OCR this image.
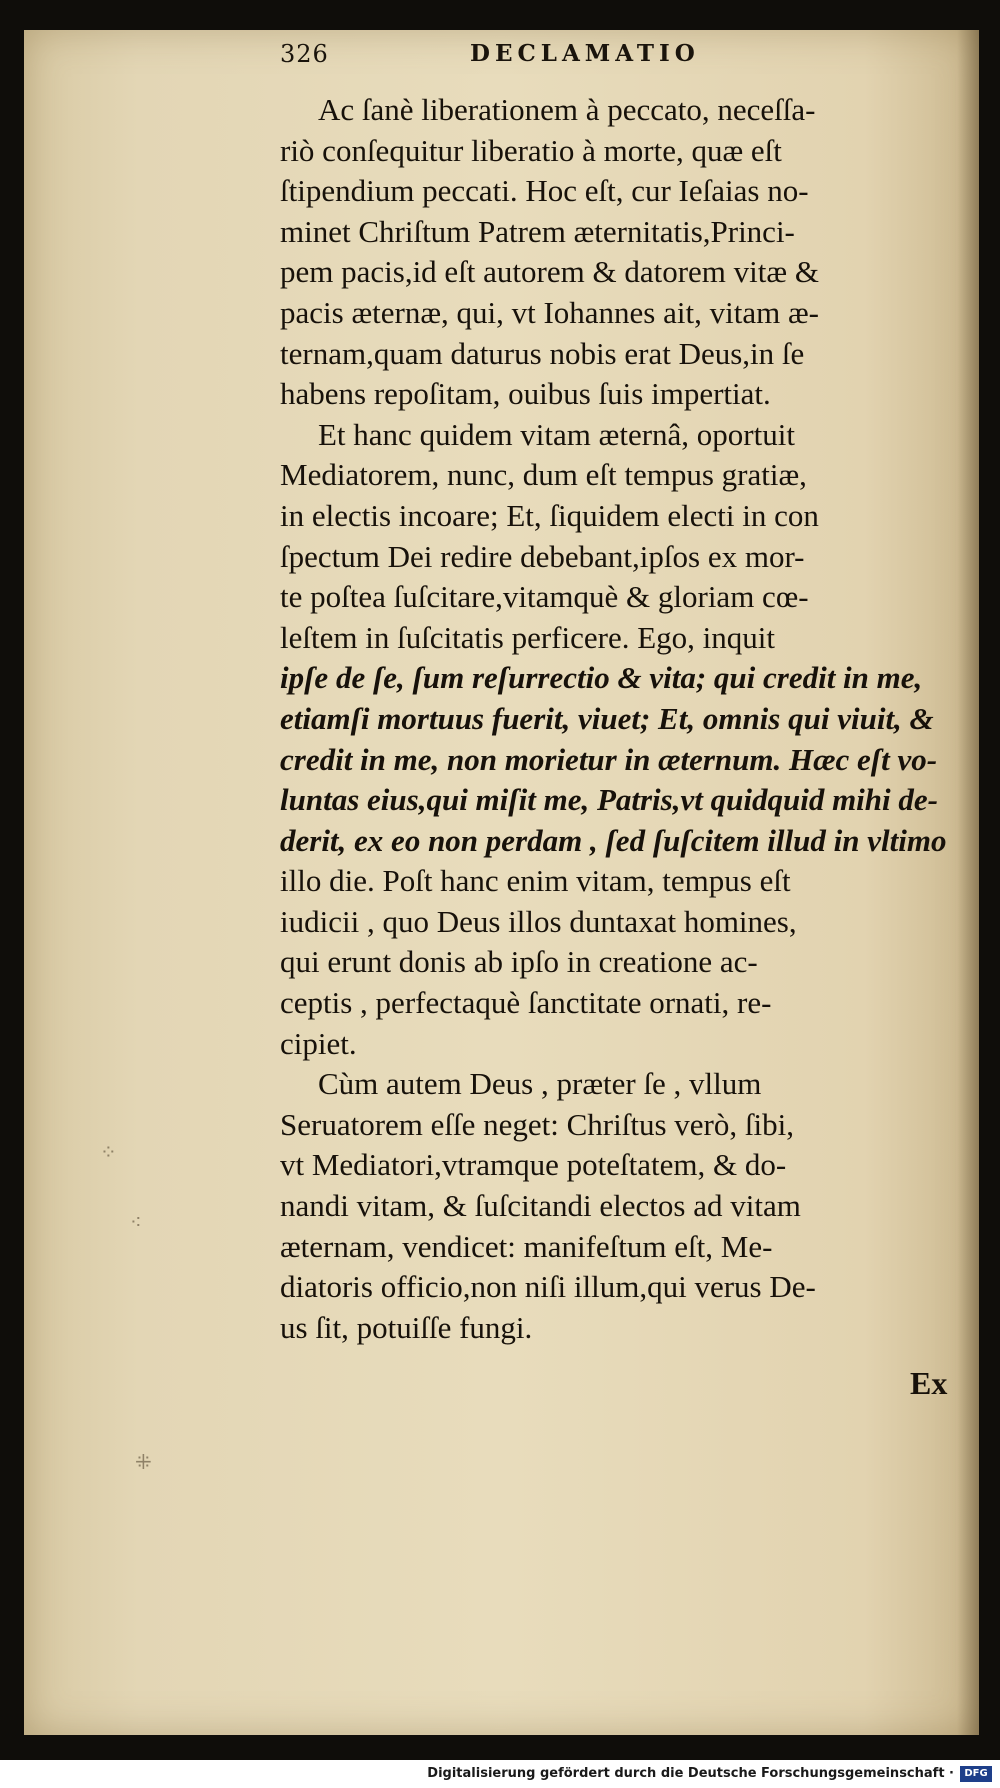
326	DECLAMATIO

Ac ſanè liberationem à peccato, neceſſa-
riò conſequitur liberatio à morte, quæ eſt
ſtipendium peccati. Hoc eſt, cur Ieſaias no-
minet Chriſtum Patrem æternitatis,Princi-
pem pacis,id eſt autorem & datorem vitæ &
pacis æternæ, qui, vt Iohannes ait, vitam æ-
ternam,quam daturus nobis erat Deus,in ſe
habens repoſitam, ouibus ſuis impertiat.

Et hanc quidem vitam æternâ, oportuit
Mediatorem, nunc, dum eſt tempus gratiæ,
in electis incoare; Et, ſiquidem electi in con
ſpectum Dei redire debebant,ipſos ex mor-
te poſtea ſuſcitare,vitamquè & gloriam cœ-
leſtem in ſuſcitatis perficere. Ego, inquit
ipſe de ſe, ſum reſurrectio & vita; qui credit in me,
etiamſi mortuus fuerit, viuet; Et, omnis qui viuit, &
credit in me, non morietur in æternum. Hæc eſt vo-
luntas eius,qui miſit me, Patris,vt quidquid mihi de-
derit, ex eo non perdam , ſed ſuſcitem illud in vltimo
illo die. Poſt hanc enim vitam, tempus eſt
iudicii , quo Deus illos duntaxat homines,
qui erunt donis ab ipſo in creatione ac-
ceptis , perfectaquè ſanctitate ornati, re-
cipiet.

Cùm autem Deus , præter ſe , vllum
Seruatorem eſſe neget: Chriſtus verò, ſibi,
vt Mediatori,vtramque poteſtatem, & do-
nandi vitam, & ſuſcitandi electos ad vitam
æternam, vendicet: manifeſtum eſt, Me-
diatoris officio,non niſi illum,qui verus De-
us ſit, potuiſſe fungi.

Ex
⁘
⁖
⁜
Digitalisierung gefördert durch die Deutsche Forschungsgemeinschaft ·	DFG
